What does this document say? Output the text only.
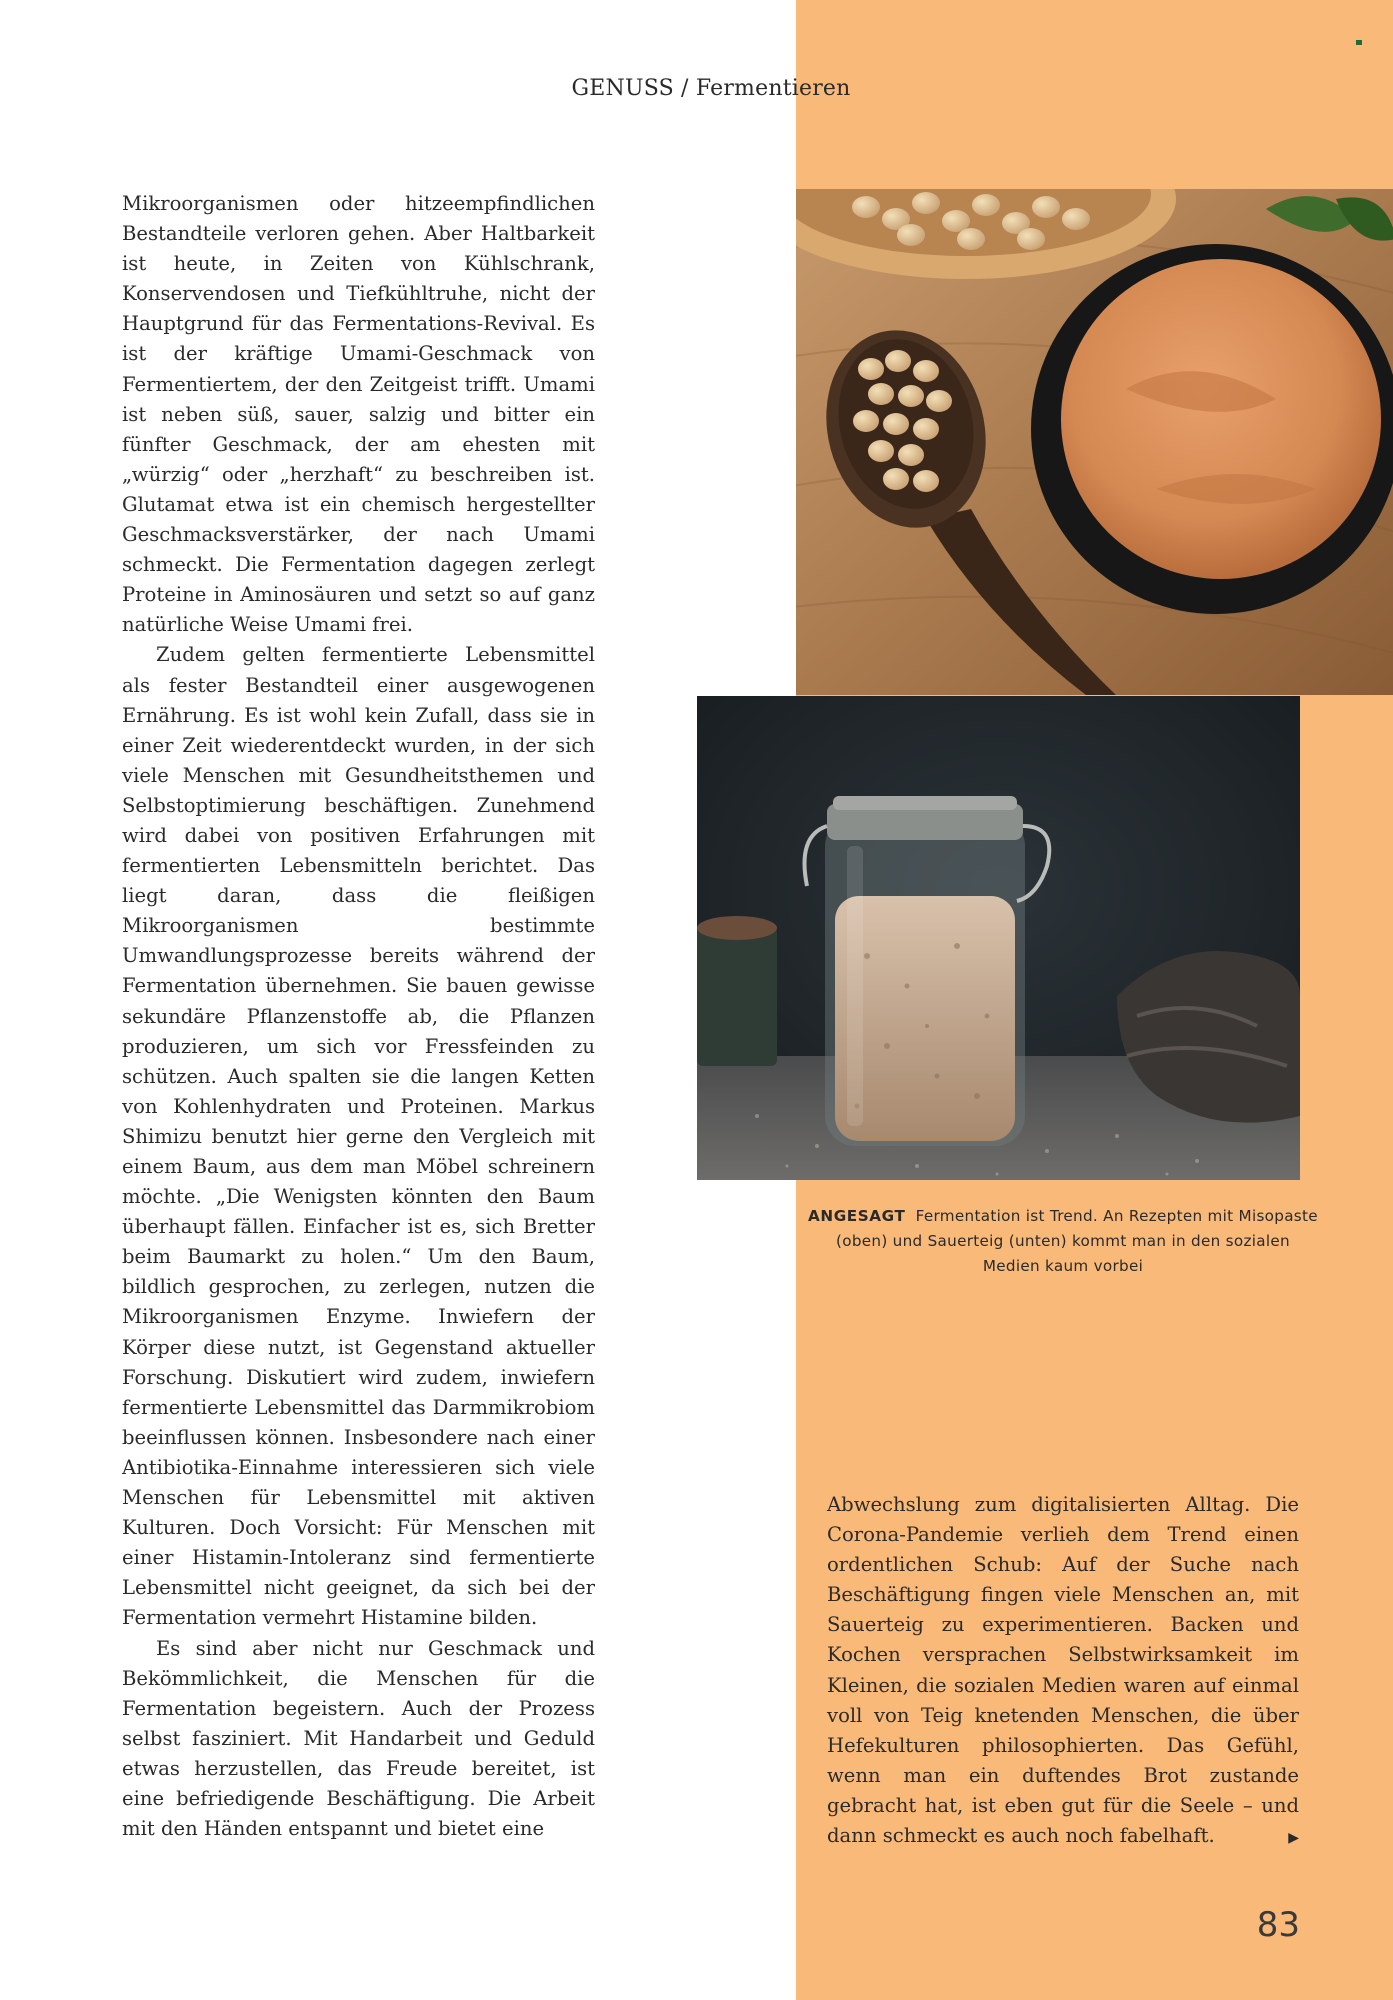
GENUSS / Fermentieren

Mikroorganismen oder hitzeempfindlichen Bestandteile verloren gehen. Aber Haltbarkeit ist heute, in Zeiten von Kühlschrank, Konservendosen und Tiefkühltruhe, nicht der Hauptgrund für das Fermentations-Revival. Es ist der kräftige Umami-Geschmack von Fermentiertem, der den Zeitgeist trifft. Umami ist neben süß, sauer, salzig und bitter ein fünfter Geschmack, der am ehesten mit „würzig“ oder „herzhaft“ zu beschreiben ist. Glutamat etwa ist ein chemisch hergestellter Geschmacksverstärker, der nach Umami schmeckt. Die Fermentation dagegen zerlegt Proteine in Aminosäuren und setzt so auf ganz natürliche Weise Umami frei.

Zudem gelten fermentierte Lebensmittel als fester Bestandteil einer ausgewogenen Ernährung. Es ist wohl kein Zufall, dass sie in einer Zeit wiederentdeckt wurden, in der sich viele Menschen mit Gesundheitsthemen und Selbstoptimierung beschäftigen. Zunehmend wird dabei von positiven Erfahrungen mit fermentierten Lebensmitteln berichtet. Das liegt daran, dass die fleißigen Mikroorganismen bestimmte Umwandlungsprozesse bereits während der Fermentation übernehmen. Sie bauen gewisse sekundäre Pflanzenstoffe ab, die Pflanzen produzieren, um sich vor Fressfeinden zu schützen. Auch spalten sie die langen Ketten von Kohlenhydraten und Proteinen. Markus Shimizu benutzt hier gerne den Vergleich mit einem Baum, aus dem man Möbel schreinern möchte. „Die Wenigsten könnten den Baum überhaupt fällen. Einfacher ist es, sich Bretter beim Baumarkt zu holen.“ Um den Baum, bildlich gesprochen, zu zerlegen, nutzen die Mikroorganismen Enzyme. Inwiefern der Körper diese nutzt, ist Gegenstand aktueller Forschung. Diskutiert wird zudem, inwiefern fermentierte Lebensmittel das Darmmikrobiom beeinflussen können. Insbesondere nach einer Antibiotika-Einnahme interessieren sich viele Menschen für Lebensmittel mit aktiven Kulturen. Doch Vorsicht: Für Menschen mit einer Histamin-Intoleranz sind fermentierte Lebensmittel nicht geeignet, da sich bei der Fermentation vermehrt Histamine bilden.

Es sind aber nicht nur Geschmack und Bekömmlichkeit, die Menschen für die Fermentation begeistern. Auch der Prozess selbst fasziniert. Mit Handarbeit und Geduld etwas herzustellen, das Freude bereitet, ist eine befriedigende Beschäftigung. Die Arbeit mit den Händen entspannt und bietet eine

ANGESAGT Fermentation ist Trend. An Rezepten mit Misopaste (oben) und Sauerteig (unten) kommt man in den sozialen Medien kaum vorbei
Abwechslung zum digitalisierten Alltag. Die Corona-Pandemie verlieh dem Trend einen ordentlichen Schub: Auf der Suche nach Beschäftigung fingen viele Menschen an, mit Sauerteig zu experimentieren. Backen und Kochen versprachen Selbstwirksamkeit im Kleinen, die sozialen Medien waren auf einmal voll von Teig knetenden Menschen, die über Hefekulturen philosophierten. Das Gefühl, wenn man ein duftendes Brot zustande gebracht hat, ist eben gut für die Seele – und dann schmeckt es auch noch fabelhaft.	▶
83
